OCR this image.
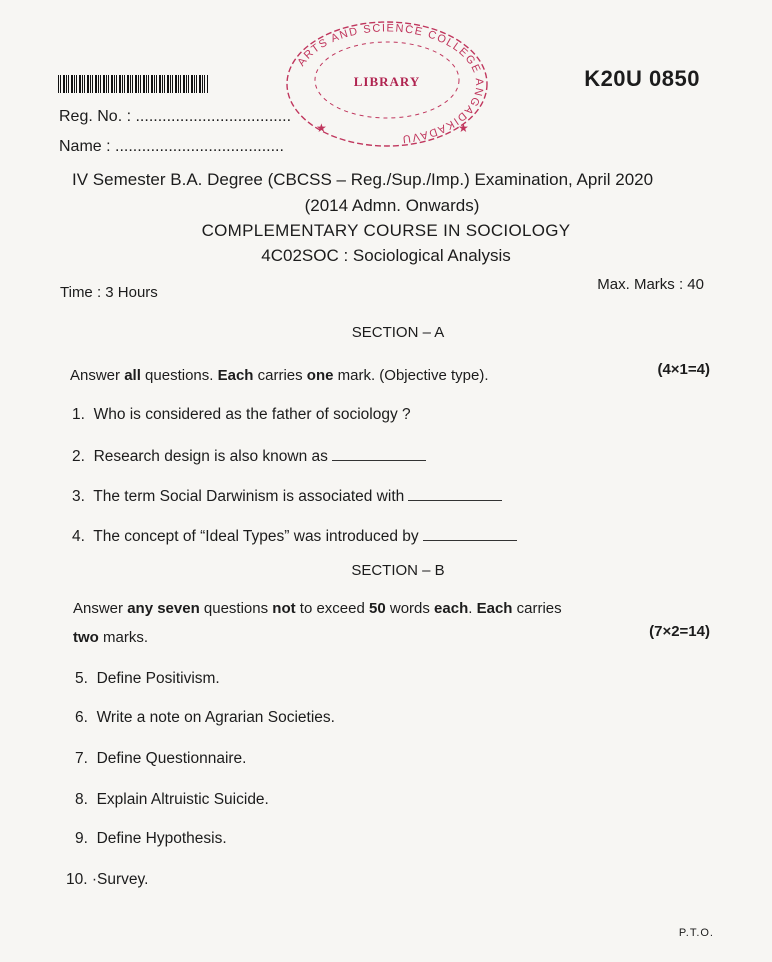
ARTS AND SCIENCE COLLEGE ANGADIKADAVU
LIBRARY
★
★
K20U 0850
Reg. No. : ...................................
Name : ......................................
IV Semester B.A. Degree (CBCSS – Reg./Sup./Imp.) Examination, April 2020
(2014 Admn. Onwards)
COMPLEMENTARY COURSE IN SOCIOLOGY
4C02SOC : Sociological Analysis
Time : 3 Hours	Max. Marks : 40
SECTION – A
Answer all questions. Each carries one mark. (Objective type).	(4×1=4)
1. Who is considered as the father of sociology ?
2. Research design is also known as
3. The term Social Darwinism is associated with
4. The concept of “Ideal Types” was introduced by
SECTION – B
Answer any seven questions not to exceed 50 words each. Each carries
two marks.	(7×2=14)
5. Define Positivism.
6. Write a note on Agrarian Societies.
7. Define Questionnaire.
8. Explain Altruistic Suicide.
9. Define Hypothesis.
10. ·Survey.
P.T.O.
